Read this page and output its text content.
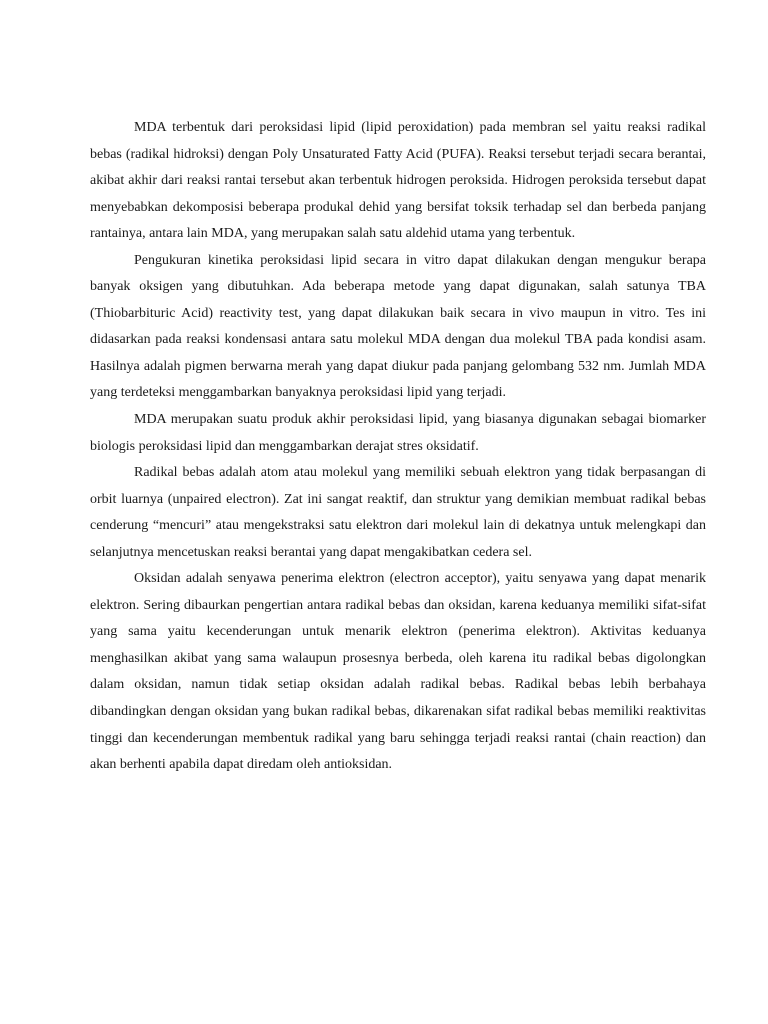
MDA terbentuk dari peroksidasi lipid (lipid peroxidation) pada membran sel yaitu reaksi radikal bebas (radikal hidroksi) dengan Poly Unsaturated Fatty Acid (PUFA). Reaksi tersebut terjadi secara berantai, akibat akhir dari reaksi rantai tersebut akan terbentuk hidrogen peroksida. Hidrogen peroksida tersebut dapat menyebabkan dekomposisi beberapa produkal dehid yang bersifat toksik terhadap sel dan berbeda panjang rantainya, antara lain MDA, yang merupakan salah satu aldehid utama yang terbentuk.

Pengukuran kinetika peroksidasi lipid secara in vitro dapat dilakukan dengan mengukur berapa banyak oksigen yang dibutuhkan. Ada beberapa metode yang dapat digunakan, salah satunya TBA (Thiobarbituric Acid) reactivity test, yang dapat dilakukan baik secara in vivo maupun in vitro. Tes ini didasarkan pada reaksi kondensasi antara satu molekul MDA dengan dua molekul TBA pada kondisi asam. Hasilnya adalah pigmen berwarna merah yang dapat diukur pada panjang gelombang 532 nm. Jumlah MDA yang terdeteksi menggambarkan banyaknya peroksidasi lipid yang terjadi.

MDA merupakan suatu produk akhir peroksidasi lipid, yang biasanya digunakan sebagai biomarker biologis peroksidasi lipid dan menggambarkan derajat stres oksidatif.

Radikal bebas adalah atom atau molekul yang memiliki sebuah elektron yang tidak berpasangan di orbit luarnya (unpaired electron). Zat ini sangat reaktif, dan struktur yang demikian membuat radikal bebas cenderung “mencuri” atau mengekstraksi satu elektron dari molekul lain di dekatnya untuk melengkapi dan selanjutnya mencetuskan reaksi berantai yang dapat mengakibatkan cedera sel.

Oksidan adalah senyawa penerima elektron (electron acceptor), yaitu senyawa yang dapat menarik elektron. Sering dibaurkan pengertian antara radikal bebas dan oksidan, karena keduanya memiliki sifat-sifat yang sama yaitu kecenderungan untuk menarik elektron (penerima elektron). Aktivitas keduanya menghasilkan akibat yang sama walaupun prosesnya berbeda, oleh karena itu radikal bebas digolongkan dalam oksidan, namun tidak setiap oksidan adalah radikal bebas. Radikal bebas lebih berbahaya dibandingkan dengan oksidan yang bukan radikal bebas, dikarenakan sifat radikal bebas memiliki reaktivitas tinggi dan kecenderungan membentuk radikal yang baru sehingga terjadi reaksi rantai (chain reaction) dan akan berhenti apabila dapat diredam oleh antioksidan.
